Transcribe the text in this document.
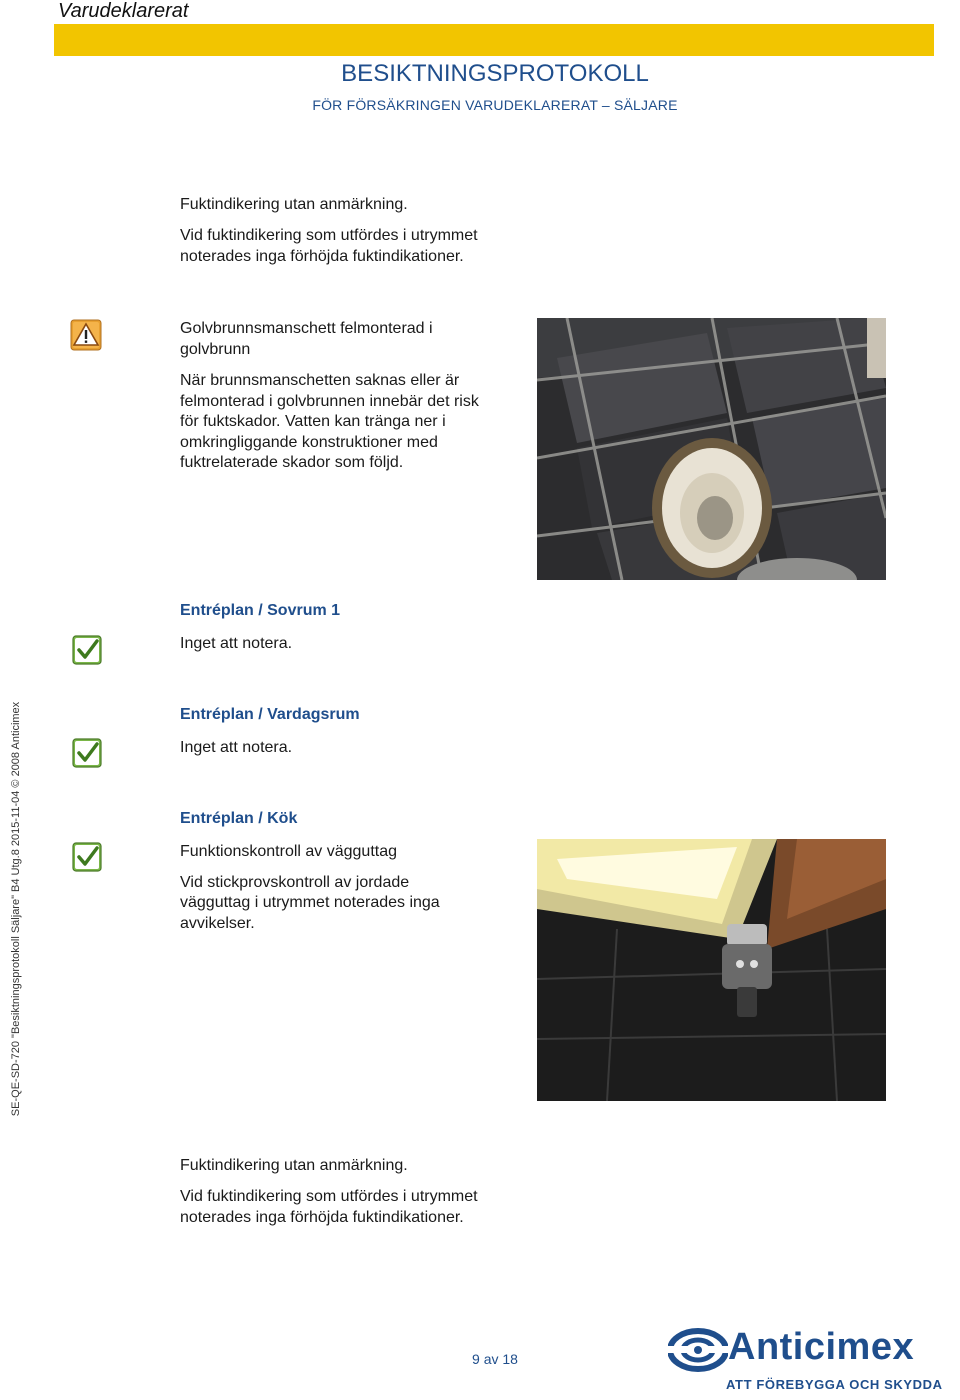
Varudeklarerat
BESIKTNINGSPROTOKOLL
FÖR FÖRSÄKRINGEN VARUDEKLARERAT – SÄLJARE
SE-QE-SD-720 "Besiktningsprotokoll Säljare" B4 Utg.8 2015-11-04 © 2008 Anticimex
Fuktindikering utan anmärkning.
Vid fuktindikering som utfördes i utrymmet
noterades inga förhöjda fuktindikationer.
Golvbrunnsmanschett felmonterad i
golvbrunn
När brunnsmanschetten saknas eller är
felmonterad i golvbrunnen innebär det risk
för fuktskador. Vatten kan tränga ner i
omkringliggande konstruktioner med
fuktrelaterade skador som följd.
Entréplan / Sovrum 1
Inget att notera.
Entréplan / Vardagsrum
Inget att notera.
Entréplan / Kök
Funktionskontroll av vägguttag
Vid stickprovskontroll av jordade
vägguttag i utrymmet noterades inga
avvikelser.
Fuktindikering utan anmärkning.
Vid fuktindikering som utfördes i utrymmet
noterades inga förhöjda fuktindikationer.
9 av 18	Anticimex
ATT FÖREBYGGA OCH SKYDDA
